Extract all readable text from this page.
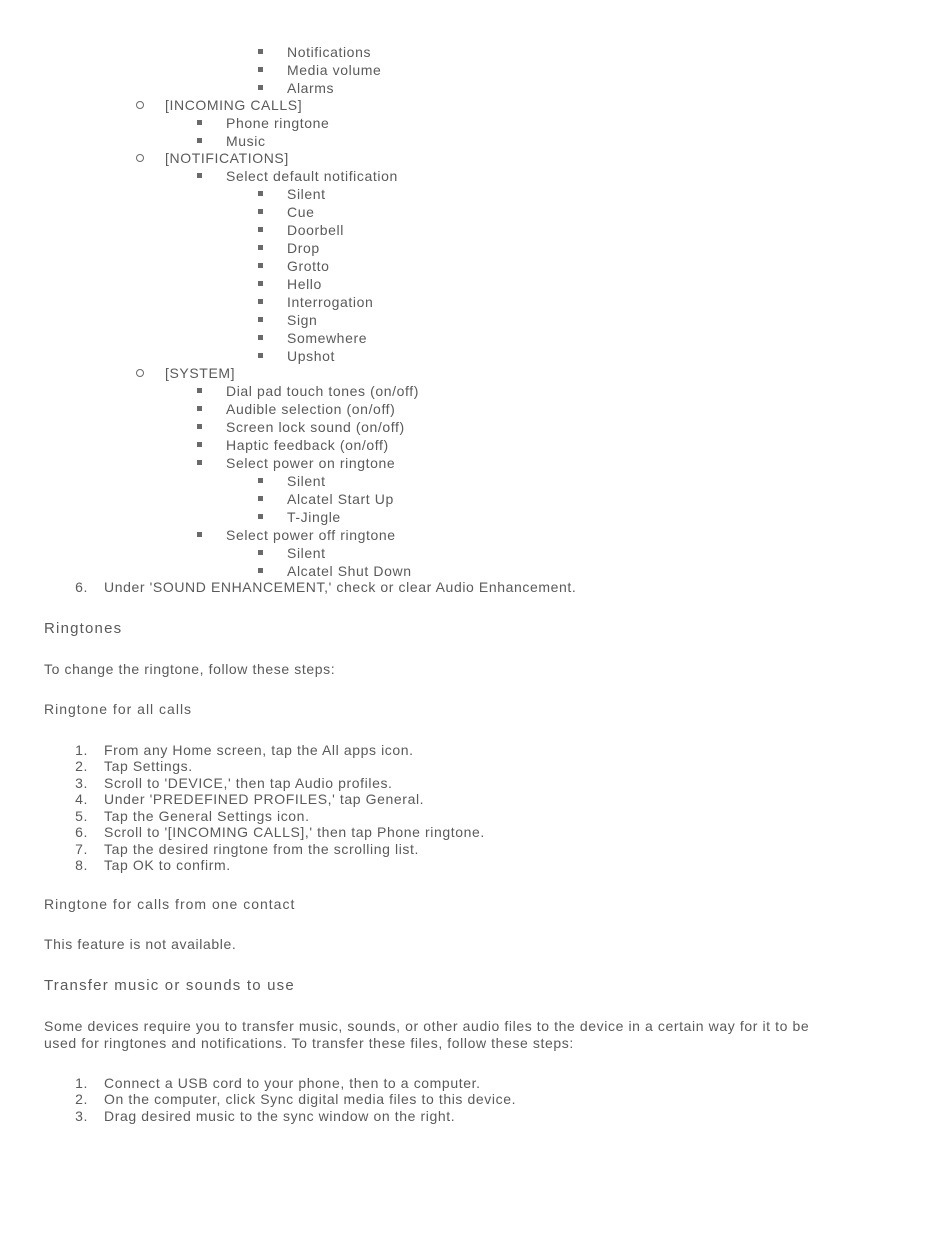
Notifications
Media volume
Alarms
[INCOMING CALLS]
Phone ringtone
Music
[NOTIFICATIONS]
Select default notification
Silent
Cue
Doorbell
Drop
Grotto
Hello
Interrogation
Sign
Somewhere
Upshot
[SYSTEM]
Dial pad touch tones (on/off)
Audible selection (on/off)
Screen lock sound (on/off)
Haptic feedback (on/off)
Select power on ringtone
Silent
Alcatel Start Up
T-Jingle
Select power off ringtone
Silent
Alcatel Shut Down
6. Under 'SOUND ENHANCEMENT,' check or clear Audio Enhancement.
Ringtones
To change the ringtone, follow these steps:
Ringtone for all calls
1. From any Home screen, tap the All apps icon.
2. Tap Settings.
3. Scroll to 'DEVICE,' then tap Audio profiles.
4. Under 'PREDEFINED PROFILES,' tap General.
5. Tap the General Settings icon.
6. Scroll to '[INCOMING CALLS],' then tap Phone ringtone.
7. Tap the desired ringtone from the scrolling list.
8. Tap OK to confirm.
Ringtone for calls from one contact
This feature is not available.
Transfer music or sounds to use
Some devices require you to transfer music, sounds, or other audio files to the device in a certain way for it to be
used for ringtones and notifications. To transfer these files, follow these steps:
1. Connect a USB cord to your phone, then to a computer.
2. On the computer, click Sync digital media files to this device.
3. Drag desired music to the sync window on the right.
